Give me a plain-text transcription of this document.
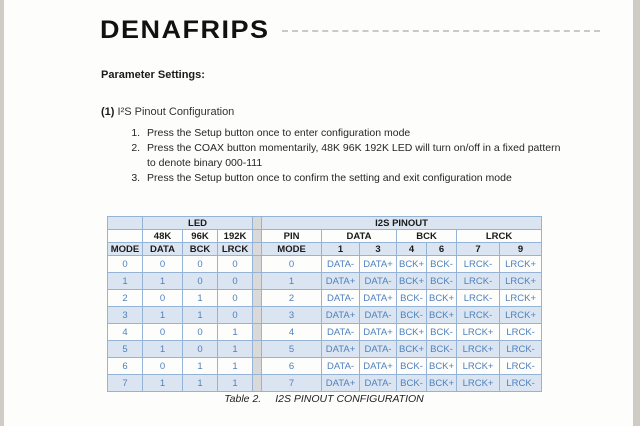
DENAFRIPS
Parameter Settings:
(1) I²S Pinout Configuration
1. Press the Setup button once to enter configuration mode
2. Press the COAX button momentarily, 48K 96K 192K LED will turn on/off in a fixed pattern to denote binary 000-111
3. Press the Setup button once to confirm the setting and exit configuration mode
	LED				I2S PINOUT						
	48K	96K	192K		PIN	DATA		BCK		LRCK	
MODE	DATA	BCK	LRCK		MODE	1	3	4	6	7	9
0	0	0	0		0	DATA-	DATA+	BCK+	BCK-	LRCK-	LRCK+
1	1	0	0		1	DATA+	DATA-	BCK+	BCK-	LRCK-	LRCK+
2	0	1	0		2	DATA-	DATA+	BCK-	BCK+	LRCK-	LRCK+
3	1	1	0		3	DATA+	DATA-	BCK-	BCK+	LRCK-	LRCK+
4	0	0	1		4	DATA-	DATA+	BCK+	BCK-	LRCK+	LRCK-
5	1	0	1		5	DATA+	DATA-	BCK+	BCK-	LRCK+	LRCK-
6	0	1	1		6	DATA-	DATA+	BCK-	BCK+	LRCK+	LRCK-
7	1	1	1		7	DATA+	DATA-	BCK-	BCK+	LRCK+	LRCK-
Table 2. I2S PINOUT CONFIGURATION
